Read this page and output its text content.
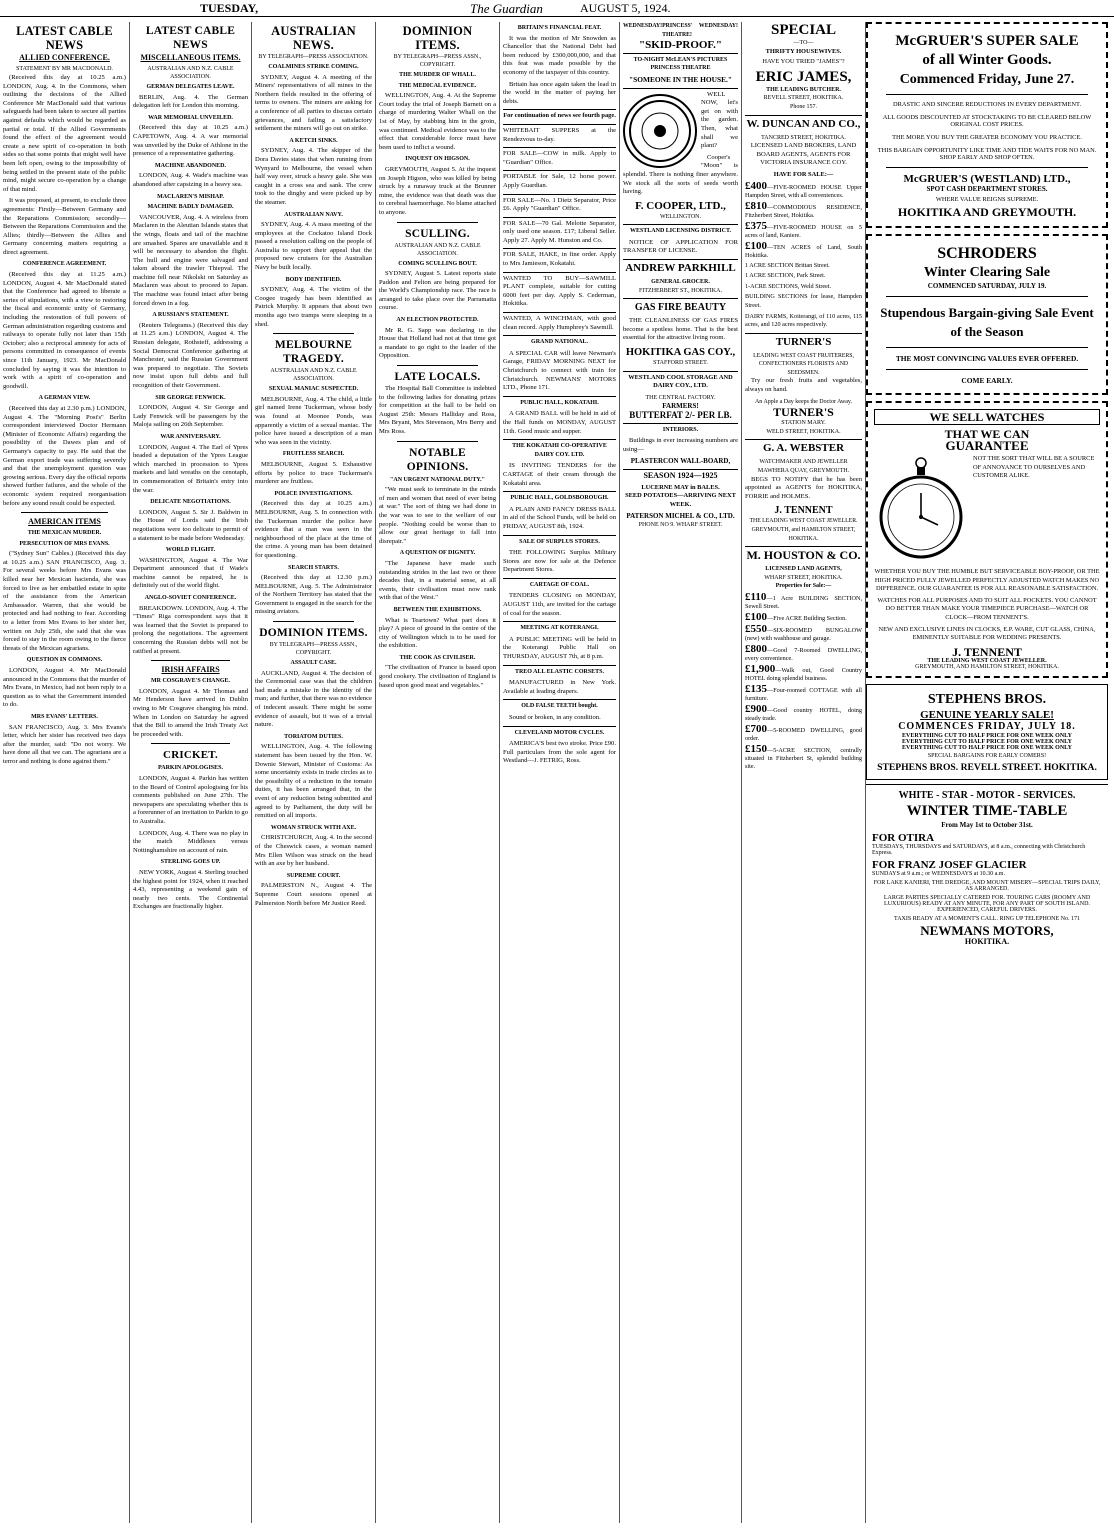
TUESDAY,	The Guardian	AUGUST 5, 1924.
LATEST CABLE NEWS
ALLIED CONFERENCE.
STATEMENT BY MR MACDONALD.

(Received this day at 10.25 a.m.) LONDON, Aug. 4. In the Commons, when outlining the decisions of the Allied Conference Mr MacDonald said that various safeguards had been taken to secure all parties against defaults which would be regarded as partial or total. If the Allied Governments found the effect of the agreement would create a new spirit of co-operation in both sides so that some points that might well have been left open, owing to the impossibility of being settled in the present state of the public mind, might secure co-operation by a change of that mind.

It was proposed, at present, to exclude three agreements: Firstly—Between Germany and the Reparations Commission; secondly—Between the Reparations Commission and the Allies; thirdly—Between the Allies and Germany concerning matters requiring a direct agreement.

CONFERENCE AGREEMENT.

(Received this day at 11.25 a.m.) LONDON, August 4. Mr MacDonald stated that the Conference had agreed to liberate a series of stipulations, with a view to restoring the fiscal and economic unity of Germany, including the restoration of full powers of German administration regarding customs and railways to operate fully not later than 15th October; also a reciprocal amnesty for acts of persons committed in consequence of events since 11th January, 1923. Mr MacDonald concluded by saying it was the intention to work with a spirit of co-operation and goodwill.

A GERMAN VIEW.

(Received this day at 2.30 p.m.) LONDON, August 4. The "Morning Post's" Berlin correspondent interviewed Doctor Hermann (Minister of Economic Affairs) regarding the possibility of the Dawes plan and of Germany's capacity to pay. He said that the German export trade was suffering severely and that the unemployment question was growing serious. Every day the official reports showed further failures, and the whole of the economic system required reorganisation before any sound result could be expected.

AMERICAN ITEMS
THE MEXICAN MURDER.
PERSECUTION OF MRS EVANS.

("Sydney Sun" Cables.) (Received this day at 10.25 a.m.) SAN FRANCISCO, Aug. 3. For several weeks before Mrs Evans was killed near her Mexican hacienda, she was forced to live as her embattled estate in spite of the assistance from the American Ambassador. Warren, that she would be protected and had nothing to fear. According to a letter from Mrs Evans to her sister her, written on July 25th, she said that she was forced to stay in the room owing to the fierce threats of the Mexican agrarians.

QUESTION IN COMMONS.

LONDON, August 4. Mr MacDonald announced in the Commons that the murder of Mrs Evans, in Mexico, had not been reply to a question as to what the Government intended to do.

MRS EVANS' LETTERS.

SAN FRANCISCO, Aug. 3. Mrs Evans's letter, which her sister has received two days after the murder, said: "Do not worry. We have done all that we can. The agrarians are a terror and nothing is done against them."

LATEST CABLE NEWS
MISCELLANEOUS ITEMS.
AUSTRALIAN AND N.Z. CABLE ASSOCIATION.
GERMAN DELEGATES LEAVE.

BERLIN, Aug. 4. The German delegation left for London this morning.

WAR MEMORIAL UNVEILED.

(Received this day at 10.25 a.m.) CAPETOWN, Aug. 4. A war memorial was unveiled by the Duke of Athlone in the presence of a representative gathering.

MACHINE ABANDONED.

LONDON, Aug. 4. Wade's machine was abandoned after capsizing in a heavy sea.

MACLAREN'S MISHAP.
MACHINE BADLY DAMAGED.

VANCOUVER, Aug. 4. A wireless from Maclaren in the Aleutian Islands states that the wings, floats and tail of the machine are smashed. Spares are unavailable and it will be necessary to abandon the flight. The hull and engine were salvaged and taken aboard the trawler Thiepval. The machine fell near Nikolski on Saturday as Maclaren was about to proceed to Japan. The machine was found intact after being forced down in a fog.

A RUSSIAN'S STATEMENT.

(Reuters Telegrams.) (Received this day at 11.25 a.m.) LONDON, August 4. The Russian delegate, Rothsteff, addressing a Social Democrat Conference gathering at Manchester, said the Russian Government was prepared to negotiate. The Soviets now insist upon full debts and full recognition of their Government.

SIR GEORGE FENWICK.

LONDON, August 4. Sir George and Lady Fenwick will be passengers by the Maloja sailing on 26th September.

WAR ANNIVERSARY.

LONDON, August 4. The Earl of Ypres headed a deputation of the Ypres League which marched in procession to Ypres markets and laid wreaths on the cenotaph, in commemoration of Britain's entry into the war.

DELICATE NEGOTIATIONS.

LONDON, August 5. Sir J. Baldwin in the House of Lords said the Irish negotiations were too delicate to permit of a statement to be made before Wednesday.

WORLD FLIGHT.

WASHINGTON, August 4. The War Department announced that if Wade's machine cannot be repaired, he is definitely out of the world flight.

ANGLO-SOVIET CONFERENCE.

BREAKDOWN. LONDON, Aug. 4. The "Times" Riga correspondent says that it was learned that the Soviet is prepared to prolong the negotiations. The agreement concerning the Russian debts will not be ratified at present.

IRISH AFFAIRS
MR COSGRAVE'S CHANGE.

LONDON, August 4. Mr Thomas and Mr Henderson have arrived in Dublin owing to Mr Cosgrave changing his mind. When in London on Saturday he agreed that the Bill to amend the Irish Treaty Act be proceeded with.

CRICKET.
PARKIN APOLOGISES.

LONDON, August 4. Parkin has written to the Board of Control apologising for his comments published on June 27th. The newspapers are speculating whether this is a forerunner of an invitation to Parkin to go to Australia.

LONDON, Aug. 4. There was no play in the match Middlesex versus Nottinghamshire on account of rain.

STERLING GOES UP.

NEW YORK, August 4. Sterling touched the highest point for 1924, when it reached 4.43, representing a weekend gain of nearly two cents. The Continental Exchanges are fractionally higher.

AUSTRALIAN NEWS.
BY TELEGRAPH—PRESS ASSOCIATION.
COALMINES STRIKE COMING.

SYDNEY, August 4. A meeting of the Miners' representatives of all mines in the Northern fields resulted in the offering of terms to owners. The miners are asking for a conference of all parties to discuss certain grievances, and failing a satisfactory settlement the miners will go out on strike.

A KETCH SINKS.

SYDNEY, Aug. 4. The skipper of the Dora Davies states that when running from Wynyard to Melbourne, the vessel when half way over, struck a heavy gale. She was caught in a cross sea and sank. The crew took to the dinghy and were picked up by the steamer.

AUSTRALIAN NAVY.

SYDNEY, Aug. 4. A mass meeting of the employees at the Cockatoo Island Dock passed a resolution calling on the people of Australia to support their appeal that the proposed new cruisers for the Australian Navy be built locally.

BODY IDENTIFIED.

SYDNEY, Aug. 4. The victim of the Coogee tragedy has been identified as Patrick Murphy. It appears that about two months ago two tramps were sleeping in a shed.

MELBOURNE TRAGEDY.
AUSTRALIAN AND N.Z. CABLE ASSOCIATION.
SEXUAL MANIAC SUSPECTED.

MELBOURNE, Aug. 4. The child, a little girl named Irene Tuckerman, whose body was found at Moonee Ponds, was apparently a victim of a sexual maniac. The police have issued a description of a man who was seen in the vicinity.

FRUITLESS SEARCH.

MELBOURNE, August 5. Exhaustive efforts by police to trace Tuckerman's murderer are fruitless.

POLICE INVESTIGATIONS.

(Received this day at 10.25 a.m.) MELBOURNE, Aug. 5. In connection with the Tuckerman murder the police have evidence that a man was seen in the neighbourhood of the place at the time of the crime. A young man has been detained for questioning.

SEARCH STARTS.

(Received this day at 12.30 p.m.) MELBOURNE, Aug. 5. The Administrator of the Northern Territory has stated that the Government is engaged in the search for the missing aviators.

DOMINION ITEMS.
BY TELEGRAPH—PRESS ASSN., COPYRIGHT.
ASSAULT CASE.

AUCKLAND, August 4. The decision of the Ceremonial case was that the children had made a mistake in the identity of the man; and further, that there was no evidence of indecent assault. There might be some evidence of assault, but it was of a trivial nature.

TORIATOM DUTIES.

WELLINGTON, Aug. 4. The following statement has been issued by the Hon. W. Downie Stewart, Minister of Customs: As some uncertainty exists in trade circles as to the possibility of a reduction in the tomato duties, it has been arranged that, in the event of any reduction being submitted and agreed to by Parliament, the duty will be remitted on all imports.

WOMAN STRUCK WITH AXE.

CHRISTCHURCH, Aug. 4. In the second of the Cheswick cases, a woman named Mrs Ellen Wilson was struck on the head with an axe by her husband.

SUPREME COURT.

PALMERSTON N., August 4. The Supreme Court sessions opened at Palmerston North before Mr Justice Reed.

DOMINION ITEMS.
BY TELEGRAPH—PRESS ASSN., COPYRIGHT.
THE MURDER OF WHALL.
THE MEDICAL EVIDENCE.

WELLINGTON, Aug. 4. At the Supreme Court today the trial of Joseph Barnett on a charge of murdering Walter Whall on the 1st of May, by stabbing him in the groin, was continued. Medical evidence was to the effect that considerable force must have been used to inflict a wound.

INQUEST ON HIGSON.

GREYMOUTH, August 5. At the inquest on Joseph Higson, who was killed by being struck by a runaway truck at the Brunner mine, the evidence was that death was due to cerebral haemorrhage. No blame attached to anyone.

SCULLING.
AUSTRALIAN AND N.Z. CABLE ASSOCIATION.
COMING SCULLING BOUT.

SYDNEY, August 5. Latest reports state Paddon and Felton are being prepared for the World's Championship race. The race is arranged to take place over the Parramatta course.

AN ELECTION PROTECTED.

Mr R. G. Sapp was declaring in the House that Holland had not at that time got a mandate to go right to the leader of the Opposition.

LATE LOCALS.

The Hospital Ball Committee is indebted to the following ladies for donating prizes for competition at the ball to be held on August 25th: Messrs Halliday and Ross, Mrs Bryant, Mrs Stevenson, Mrs Berry and Mrs Ross.

NOTABLE OPINIONS.
"AN URGENT NATIONAL DUTY."

"We must seek to terminate in the minds of men and women that need of ever being at war." The sort of thing we had done in the war was to see to the welfare of our people. "Nothing could be worse than to allow our great heritage to fall into disrepair."

A QUESTION OF DIGNITY.

"The Japanese have made such outstanding strides in the last two or three decades that, in a material sense, at all events, their civilisation must now rank with that of the West."

BETWEEN THE EXHIBITIONS.

What is Teartown? What part does it play? A piece of ground in the centre of the city of Wellington which is to be used for the exhibition.

THE COOK AS CIVILISER.

"The civilisation of France is based upon good cookery. The civilisation of England is based upon good meat and vegetables."

BRITAIN'S FINANCIAL FEAT.

It was the motion of Mr Snowden as Chancellor that the National Debt had been reduced by £300,000,000, and that this feat was made possible by the economy of the taxpayer of this country.

Britain has once again taken the lead in the world in the matter of paying her debts.

For continuation of news see fourth page.
WHITEBAIT SUPPERS at the Rendezvous to-day.
FOR SALE—COW in milk. Apply to "Guardian" Office.
PORTABLE for Sale, 12 horse power. Apply Guardian.
FOR SALE—No. 1 Dietz Separator, Price £6. Apply "Guardian" Office.
FOR SALE—70 Gal. Melotte Separator, only used one season. £17; Liberal Seller. Apply 27. Apply M. Hunston and Co.
FOR SALE, HAKE, in fine order. Apply to Mrs Jamieson, Kokatahi.
WANTED TO BUY—SAWMILL PLANT complete, suitable for cutting 6000 feet per day. Apply S. Cederman, Hokitika.
WANTED, A WINCHMAN, with good clean record. Apply Humphrey's Sawmill.
GRAND NATIONAL.

A SPECIAL CAR will leave Newman's Garage, FRIDAY MORNING NEXT for Christchurch to connect with train for Christchurch. NEWMANS' MOTORS LTD., Phone 171.

PUBLIC HALL, KOKATAHI.

A GRAND BALL will be held in aid of the Hall funds on MONDAY, AUGUST 11th. Good music and supper.

THE KOKATAHI CO-OPERATIVE DAIRY COY. LTD.

IS INVITING TENDERS for the CARTAGE of their cream through the Kokatahi area.

PUBLIC HALL, GOLDSBOROUGH.

A PLAIN AND FANCY DRESS BALL in aid of the School Funds, will be held on FRIDAY, AUGUST 8th, 1924.

SALE OF SURPLUS STORES.

THE FOLLOWING Surplus Military Stores are now for sale at the Defence Department Stores.

CARTAGE OF COAL.

TENDERS CLOSING on MONDAY, AUGUST 11th, are invited for the cartage of coal for the season.

MEETING AT KOTERANGI.

A PUBLIC MEETING will be held in the Koterangi Public Hall on THURSDAY, AUGUST 7th, at 8 p.m.

TREO ALL ELASTIC CORSETS.

MANUFACTURED in New York. Available at leading drapers.

OLD FALSE TEETH bought.

Sound or broken, in any condition.

CLEVELAND MOTOR CYCLES.

AMERICA'S best two stroke. Price £90. Full particulars from the sole agent for Westland—J. FETRIG, Ross.

WEDNESDAY! PRINCESS' THEATRE!
WEDNESDAY!
"SKID-PROOF."
TO-NIGHT McLEAN'S PICTURES PRINCESS THEATRE
"SOMEONE IN THE HOUSE."

WELL NOW, let's get on with the garden. Then, what shall we plant?

Cooper's "Moon" is splendid. There is nothing finer anywhere. We stock all the sorts of seeds worth having.

F. COOPER, LTD.,
WELLINGTON.
WESTLAND LICENSING DISTRICT.

NOTICE OF APPLICATION FOR TRANSFER OF LICENSE.

ANDREW PARKHILL
GENERAL GROCER.
FITZHERBERT ST., HOKITIKA.
GAS FIRE BEAUTY

THE CLEANLINESS OF GAS FIRES become a spotless home. That is the best essential for the attractive living room.

HOKITIKA GAS COY.,
STAFFORD STREET.
WESTLAND COOL STORAGE AND DAIRY COY., LTD.
THE CENTRAL FACTORY.
FARMERS!
BUTTERFAT 2/- PER LB.
INTERIORS.

Buildings in ever increasing numbers are using—

PLASTERCON WALL-BOARD,
SEASON 1924—1925
LUCERNE MAY in BALES.
SEED POTATOES—ARRIVING NEXT WEEK.
PATERSON MICHEL & CO., LTD.
PHONE NO 9. WHARF STREET.
SPECIAL
—TO—
THRIFTY HOUSEWIVES.
HAVE YOU TRIED "JAMES"?
ERIC JAMES,
THE LEADING BUTCHER.
REVELL STREET, HOKITIKA.
Phone 157.
W. DUNCAN AND CO.,
TANCRED STREET, HOKITIKA.

LICENSED LAND BROKERS, LAND BOARD AGENTS, AGENTS FOR VICTORIA INSURANCE COY.

HAVE FOR SALE:—
£400—FIVE-ROOMED HOUSE Upper Hampden Street, with all conveniences.
£810—COMMODIOUS RESIDENCE, Fitzherbert Street, Hokitika.
£375—FIVE-ROOMED HOUSE on 5 acres of land, Kaniere.
£100—TEN ACRES of Land, South Hokitika.
1 ACRE SECTION Brittan Street.
1 ACRE SECTION, Park Street.
1-ACRE SECTIONS, Weld Street.
BUILDING SECTIONS for lease, Hampden Street.
DAIRY FARMS, Koiterangi, of 110 acres, 115 acres, and 120 acres respectively.
TURNER'S
LEADING WEST COAST FRUITERERS, CONFECTIONERS FLORISTS AND SEEDSMEN.

Try our fresh fruits and vegetables, always on hand.

An Apple a Day keeps the Doctor Away.
TURNER'S
STATION MARY.
WELD STREET, HOKITIKA.
G. A. WEBSTER
WATCHMAKER AND JEWELLER
MAWHERA QUAY, GREYMOUTH.

BEGS TO NOTIFY that he has been appointed as AGENTS for HOKITIKA, FORRIE and HOLMES.

J. TENNENT
THE LEADING WEST COAST JEWELLER.
GREYMOUTH, and HAMILTON STREET, HOKITIKA.
M. HOUSTON & CO.
LICENSED LAND AGENTS,
WHARF STREET, HOKITIKA.
Properties for Sale:—
£110—1 Acre BUILDING SECTION, Sewell Street.
£100—Five ACRE Building Section.
£550—SIX-ROOMED BUNGALOW (new) with washhouse and garage.
£800—Good 7-Roomed DWELLING, every convenience.
£1,900—Walk out, Good Country HOTEL doing splendid business.
£135—Four-roomed COTTAGE with all furniture.
£900—Good country HOTEL, doing steady trade.
£700—5-ROOMED DWELLING, good order.
£150—5-ACRE SECTION, centrally situated in Fitzherbert St, splendid building site.
McGRUER'S SUPER SALE
of all Winter Goods.
Commenced Friday, June 27.
DRASTIC AND SINCERE REDUCTIONS IN EVERY DEPARTMENT.
ALL GOODS DISCOUNTED AT STOCKTAKING TO BE CLEARED BELOW ORIGINAL COST PRICES.
THE MORE YOU BUY THE GREATER ECONOMY YOU PRACTICE.
THIS BARGAIN OPPORTUNITY LIKE TIME AND TIDE WAITS FOR NO MAN. SHOP EARLY AND SHOP OFTEN.
McGRUER'S (WESTLAND) LTD.,
SPOT CASH DEPARTMENT STORES.
WHERE VALUE REIGNS SUPREME.
HOKITIKA AND GREYMOUTH.
SCHRODERS
Winter Clearing Sale
COMMENCED SATURDAY, JULY 19.
Stupendous Bargain-giving Sale Event of the Season
THE MOST CONVINCING VALUES EVER OFFERED.
COME EARLY.
WE SELL WATCHES
THAT WE CAN
GUARANTEE
NOT THE SORT THAT WILL BE A SOURCE OF ANNOYANCE TO OURSELVES AND CUSTOMER ALIKE.
WHETHER YOU BUY THE HUMBLE BUT SERVICEABLE BOY-PROOF, OR THE HIGH PRICED FULLY JEWELLED PERFECTLY ADJUSTED WATCH MAKES NO DIFFERENCE. OUR GUARANTEE IS FOR ALL REASONABLE SATISFACTION.
WATCHES FOR ALL PURPOSES AND TO SUIT ALL POCKETS. YOU CANNOT DO BETTER THAN MAKE YOUR TIMEPIECE PURCHASE—WATCH OR CLOCK—FROM TENNENT'S.
NEW AND EXCLUSIVE LINES IN CLOCKS, E.P. WARE, CUT GLASS, CHINA, EMINENTLY SUITABLE FOR WEDDING PRESENTS.
J. TENNENT
THE LEADING WEST COAST JEWELLER.
GREYMOUTH, AND HAMILTON STREET, HOKITIKA.
STEPHENS BROS.
GENUINE YEARLY SALE!
COMMENCES FRIDAY, JULY 18.
EVERYTHING CUT TO HALF PRICE FOR ONE WEEK ONLY
EVERYTHING CUT TO HALF PRICE FOR ONE WEEK ONLY
EVERYTHING CUT TO HALF PRICE FOR ONE WEEK ONLY
SPECIAL BARGAINS FOR EARLY COMERS!
STEPHENS BROS. REVELL STREET. HOKITIKA.
WHITE - STAR - MOTOR - SERVICES.
WINTER TIME-TABLE
From May 1st to October 31st.
FOR OTIRA
TUESDAYS, THURSDAYS and SATURDAYS, at 8 a.m., connecting with Christchurch Express.
FOR FRANZ JOSEF GLACIER
SUNDAYS at 9 a.m.; or WEDNESDAYS at 10.30 a.m.
FOR LAKE KANIERI, THE DREDGE, AND MOUNT MISERY—SPECIAL TRIPS DAILY, AS ARRANGED.
LARGE PARTIES SPECIALLY CATERED FOR. TOURING CARS (ROOMY AND LUXURIOUS) READY AT ANY MINUTE, FOR ANY PART OF SOUTH ISLAND. EXPERIENCED, CAREFUL DRIVERS.
TAXIS READY AT A MOMENT'S CALL. RING UP TELEPHONE No. 171
NEWMANS MOTORS,
HOKITIKA.
